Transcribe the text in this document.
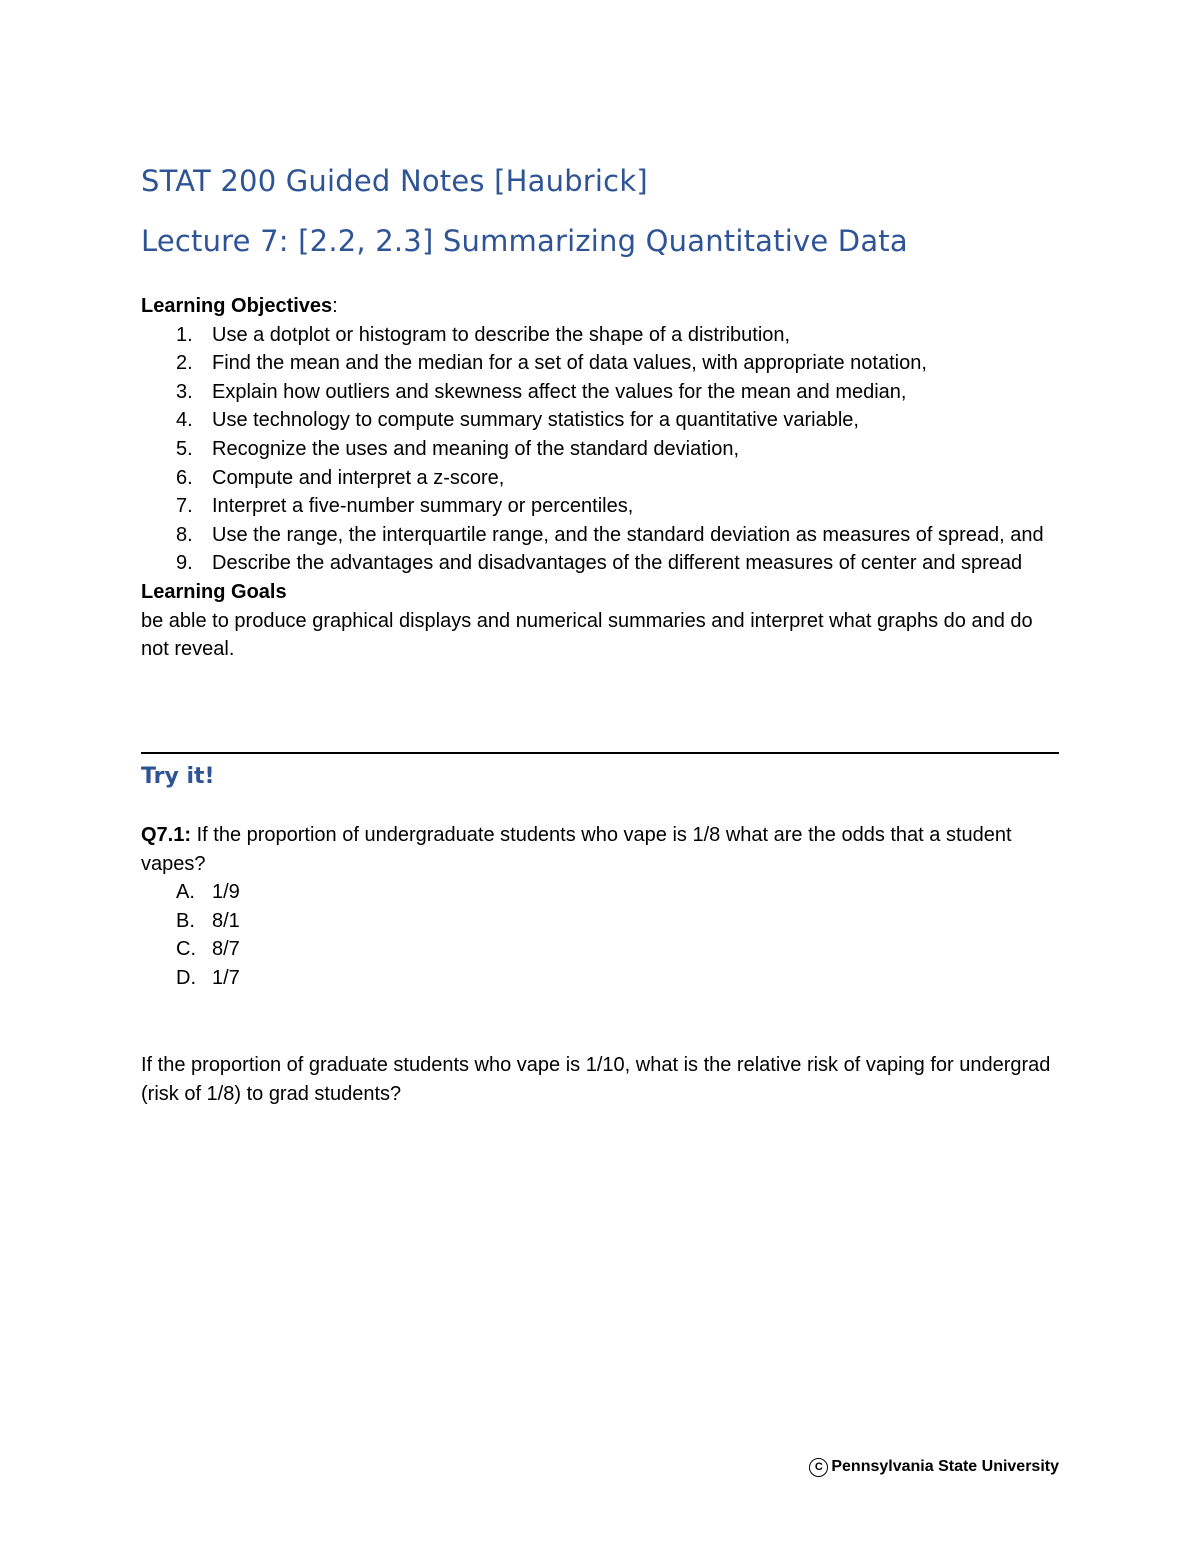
STAT 200 Guided Notes [Haubrick]
Lecture 7: [2.2, 2.3] Summarizing Quantitative Data
Learning Objectives:
1. Use a dotplot or histogram to describe the shape of a distribution,
2. Find the mean and the median for a set of data values, with appropriate notation,
3. Explain how outliers and skewness affect the values for the mean and median,
4. Use technology to compute summary statistics for a quantitative variable,
5. Recognize the uses and meaning of the standard deviation,
6. Compute and interpret a z-score,
7. Interpret a five-number summary or percentiles,
8. Use the range, the interquartile range, and the standard deviation as measures of spread, and
9. Describe the advantages and disadvantages of the different measures of center and spread
Learning Goals
be able to produce graphical displays and numerical summaries and interpret what graphs do and do not reveal.
Try it!
Q7.1: If the proportion of undergraduate students who vape is 1/8 what are the odds that a student vapes?
A. 1/9
B. 8/1
C. 8/7
D. 1/7
If the proportion of graduate students who vape is 1/10, what is the relative risk of vaping for undergrad (risk of 1/8) to grad students?
C Pennsylvania State University
